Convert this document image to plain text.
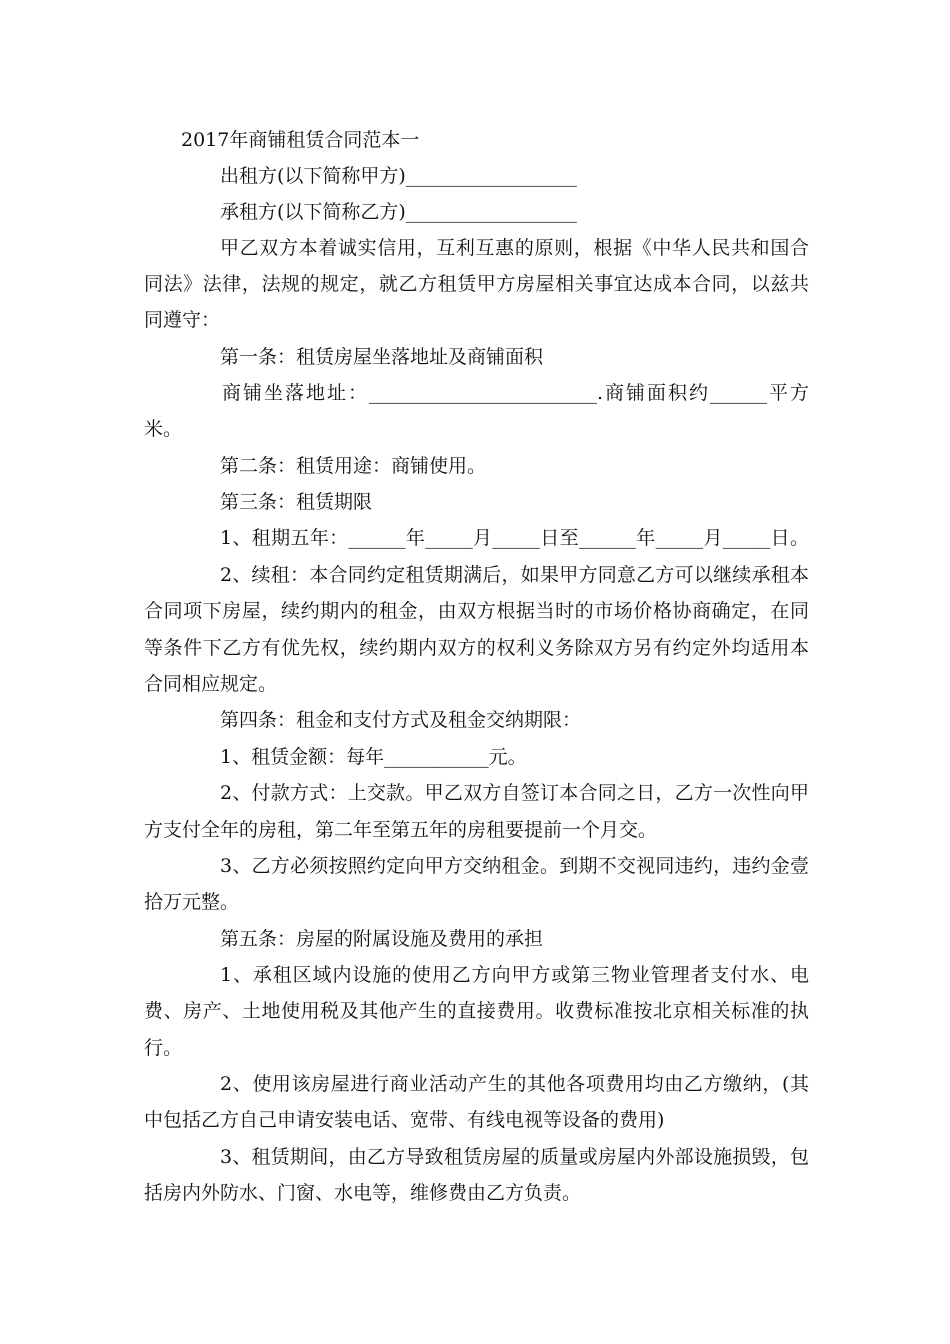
2017年商铺租赁合同范本一
出租方(以下简称甲方)__________________
承租方(以下简称乙方)__________________
甲乙双方本着诚实信用，互利互惠的原则，根据《中华人民共和国合
同法》法律，法规的规定，就乙方租赁甲方房屋相关事宜达成本合同，以兹共
同遵守：
第一条：租赁房屋坐落地址及商铺面积
商铺坐落地址：________________________.商铺面积约______平方
米。
第二条：租赁用途：商铺使用。
第三条：租赁期限
1、租期五年：______年_____月_____日至______年_____月_____日。
2、续租：本合同约定租赁期满后，如果甲方同意乙方可以继续承租本
合同项下房屋，续约期内的租金，由双方根据当时的市场价格协商确定，在同
等条件下乙方有优先权，续约期内双方的权利义务除双方另有约定外均适用本
合同相应规定。
第四条：租金和支付方式及租金交纳期限：
1、租赁金额：每年___________元。
2、付款方式：上交款。甲乙双方自签订本合同之日，乙方一次性向甲
方支付全年的房租，第二年至第五年的房租要提前一个月交。
3、乙方必须按照约定向甲方交纳租金。到期不交视同违约，违约金壹
拾万元整。
第五条：房屋的附属设施及费用的承担
1、承租区域内设施的使用乙方向甲方或第三物业管理者支付水、电
费、房产、土地使用税及其他产生的直接费用。收费标准按北京相关标准的执
行。
2、使用该房屋进行商业活动产生的其他各项费用均由乙方缴纳，(其
中包括乙方自己申请安装电话、宽带、有线电视等设备的费用)
3、租赁期间，由乙方导致租赁房屋的质量或房屋内外部设施损毁，包
括房内外防水、门窗、水电等，维修费由乙方负责。
